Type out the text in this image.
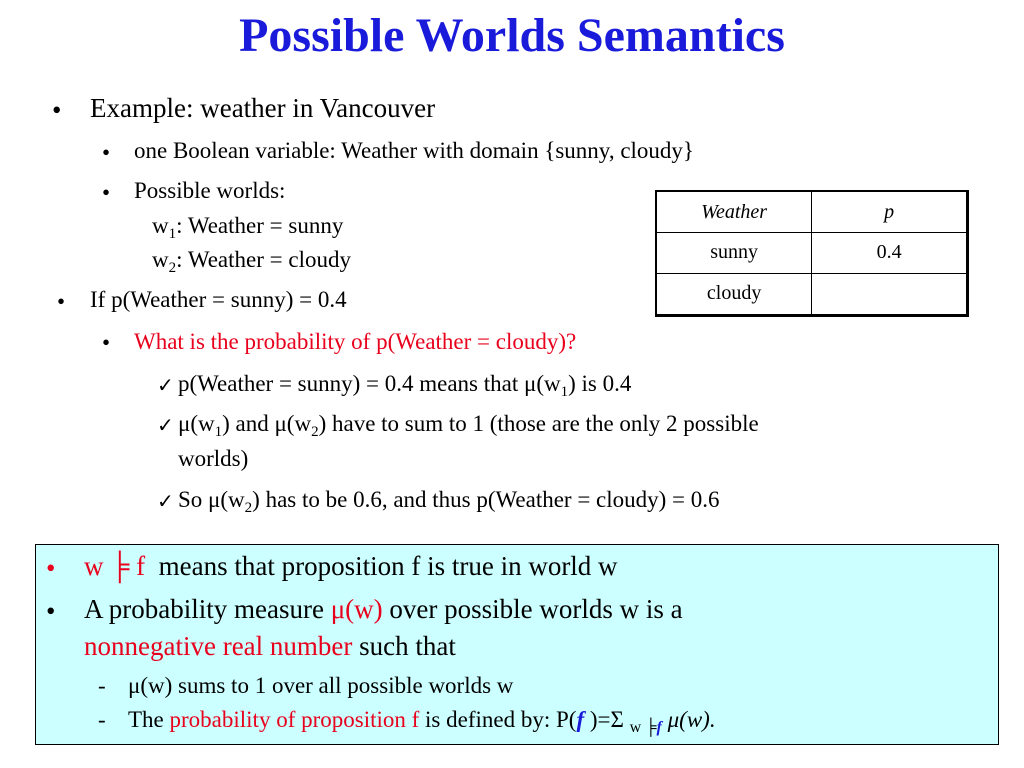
Possible Worlds Semantics
• Example: weather in Vancouver
• one Boolean variable: Weather with domain {sunny, cloudy}
• Possible worlds:
$w_1$: Weather = sunny
$w_2$: Weather = cloudy
• If p(Weather = sunny) = 0.4
• What is the probability of p(Weather = cloudy)?
✓ p(Weather = sunny) = 0.4 means that $\mu(w_1)$ is 0.4
✓ $\mu(w_1)$ and $\mu(w_2)$ have to sum to 1 (those are the only 2 possible
worlds)
✓ So $\mu(w_2)$ has to be 0.6, and thus p(Weather = cloudy) = 0.6
Weather	p
sunny	0.4
cloudy	
• w ╞ f  means that proposition f is true in world w
• A probability measure μ(w) over possible worlds w is a
nonnegative real number such that
- μ(w) sums to 1 over all possible worlds w
- The probability of proposition f is defined by: P(f )=Σ $_{w ╞f}$ μ(w).
